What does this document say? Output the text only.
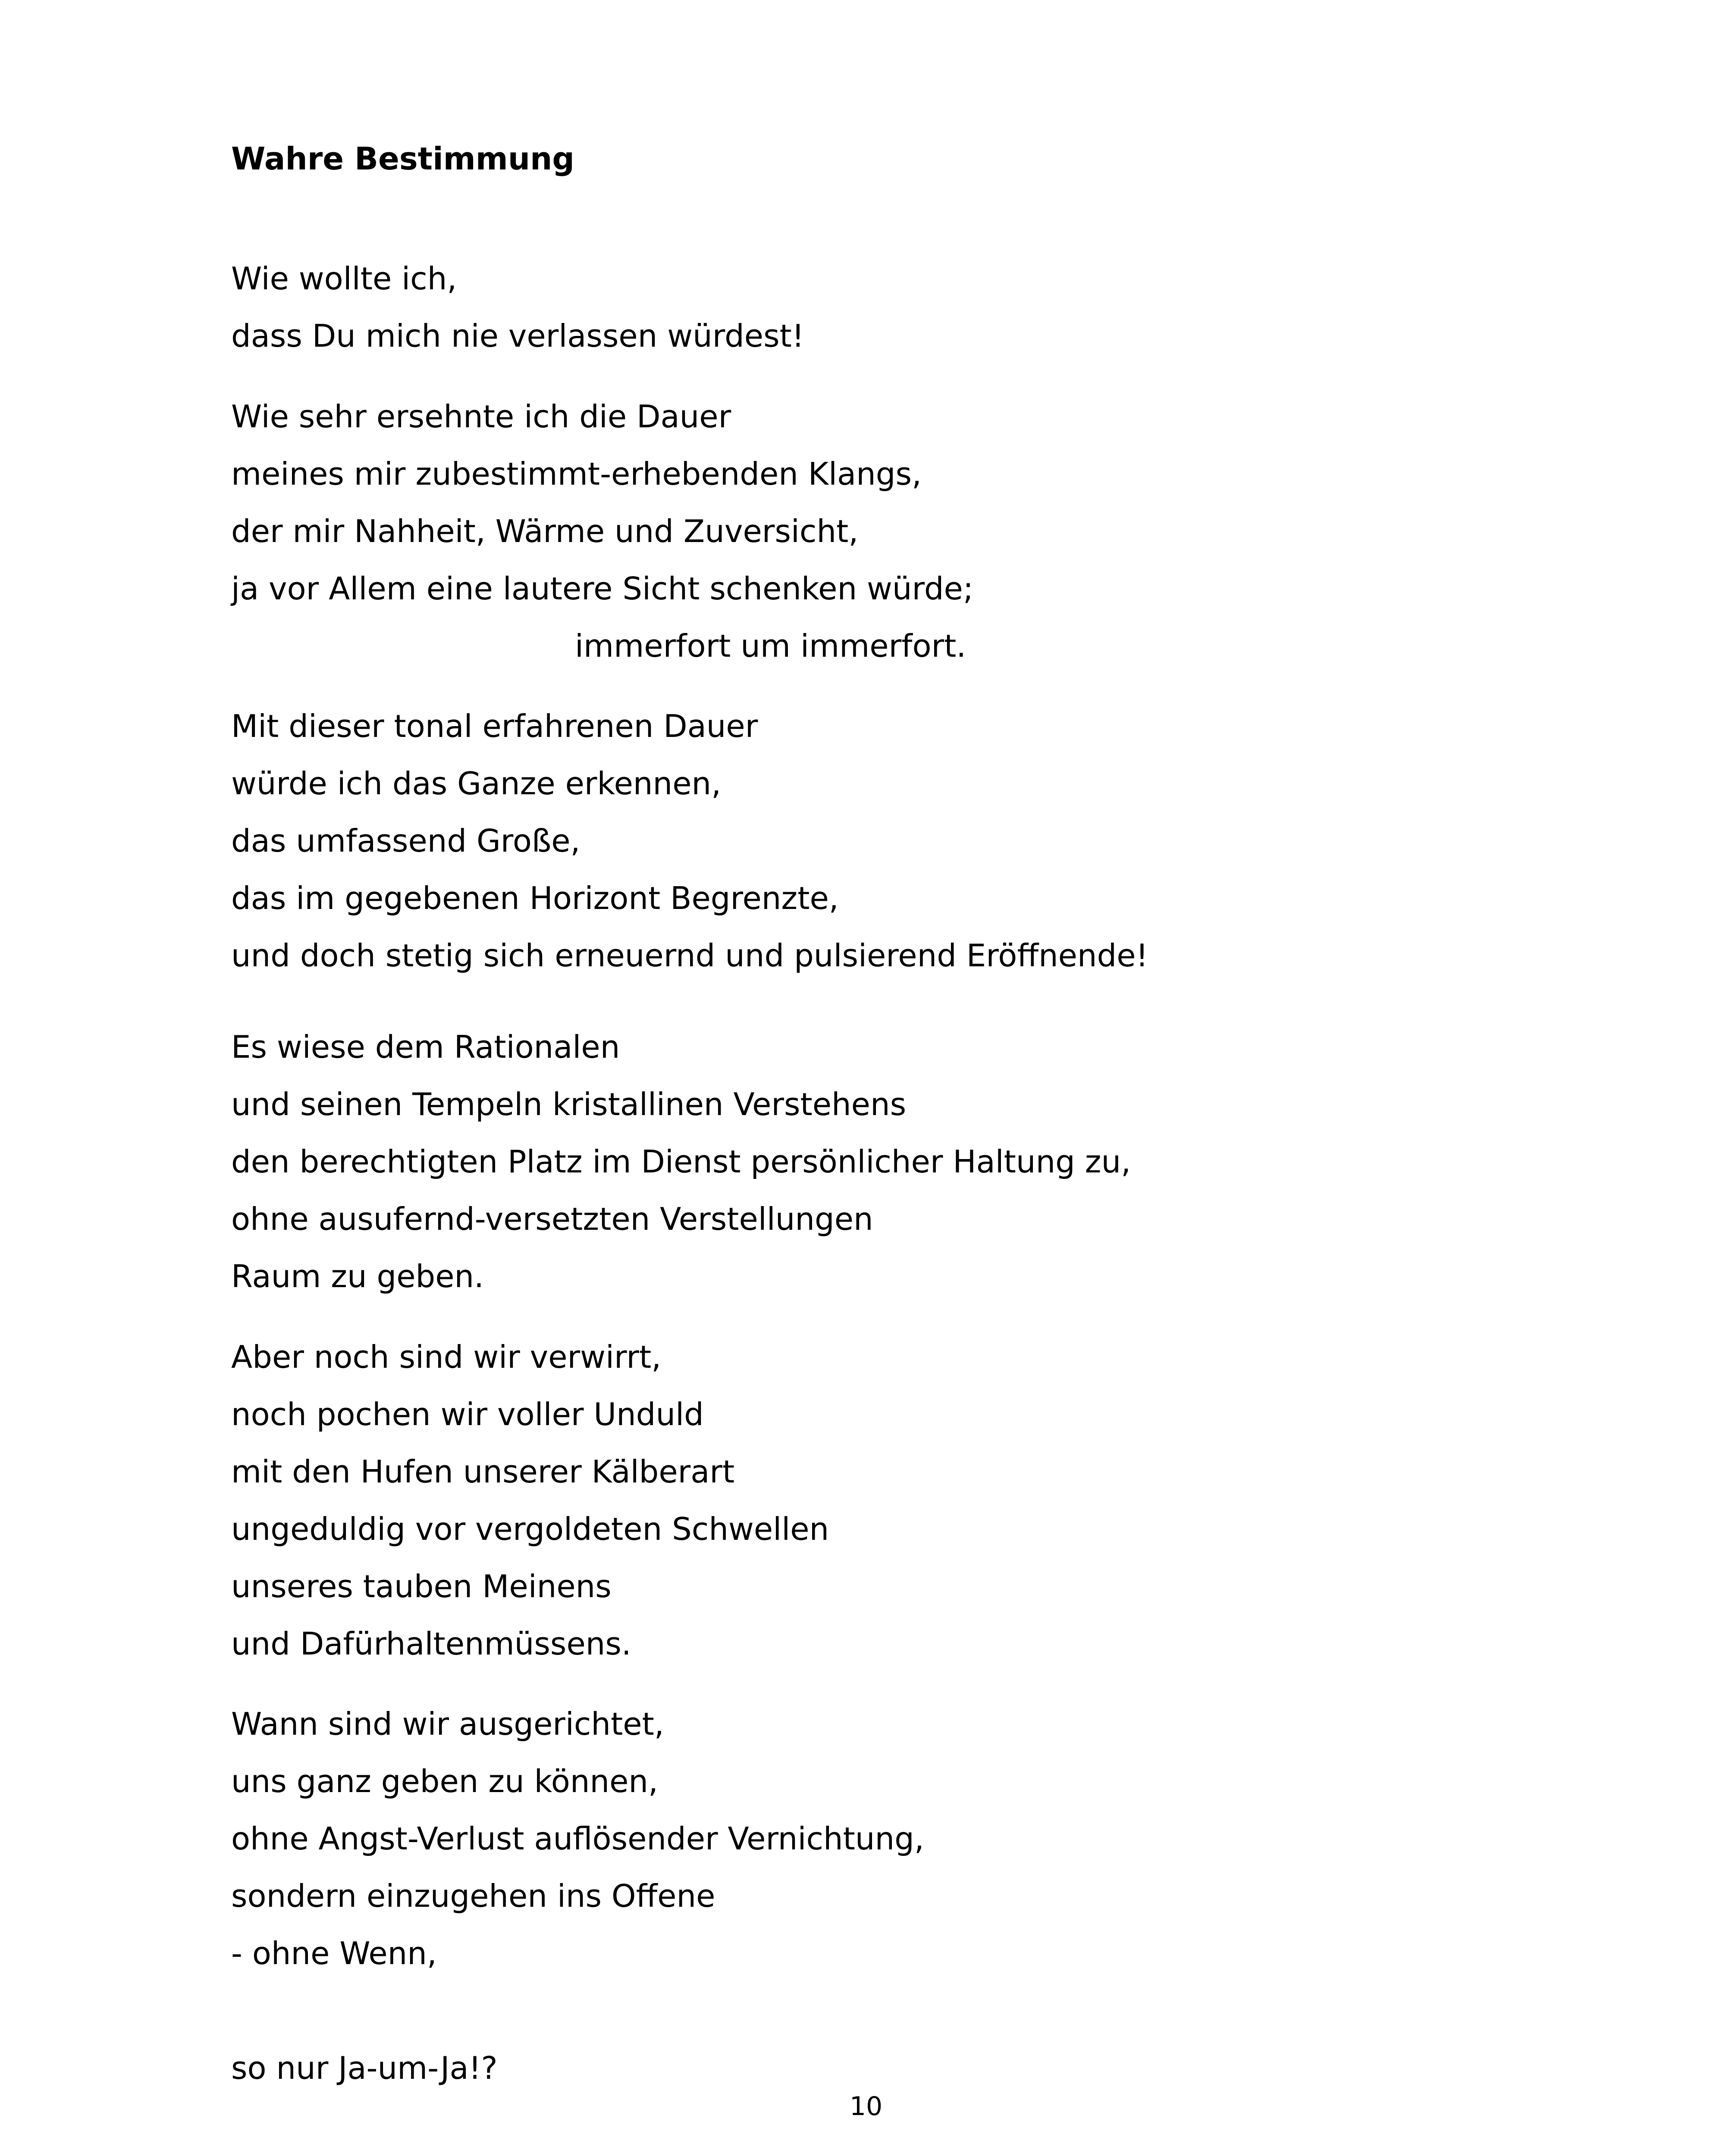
Wahre Bestimmung

Wie wollte ich,

dass Du mich nie verlassen würdest!

Wie sehr ersehnte ich die Dauer

meines mir zubestimmt-erhebenden Klangs,

der mir Nahheit, Wärme und Zuversicht,

ja vor Allem eine lautere Sicht schenken würde;

immerfort um immerfort.

Mit dieser tonal erfahrenen Dauer

würde ich das Ganze erkennen,

das umfassend Große,

das im gegebenen Horizont Begrenzte,

und doch stetig sich erneuernd und pulsierend Eröffnende!

Es wiese dem Rationalen

und seinen Tempeln kristallinen Verstehens

den berechtigten Platz im Dienst persönlicher Haltung zu,

ohne ausufernd-versetzten Verstellungen

Raum zu geben.

Aber noch sind wir verwirrt,

noch pochen wir voller Unduld

mit den Hufen unserer Kälberart

ungeduldig vor vergoldeten Schwellen

unseres tauben Meinens

und Dafürhaltenmüssens.

Wann sind wir ausgerichtet,

uns ganz geben zu können,

ohne Angst-Verlust auflösender Vernichtung,

sondern einzugehen ins Offene

- ohne Wenn,

so nur Ja-um-Ja!?

10
